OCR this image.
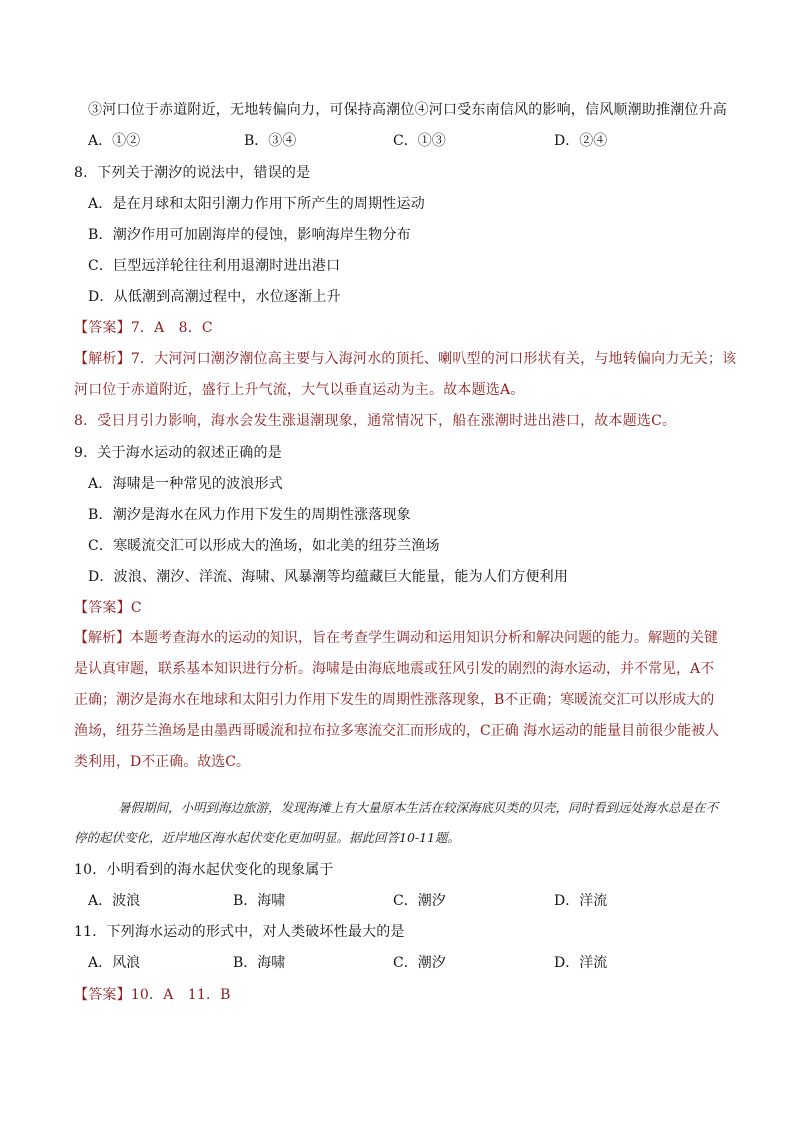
③河口位于赤道附近，无地转偏向力，可保持高潮位④河口受东南信风的影响，信风顺潮助推潮位升高
A．①②	B．③④	C．①③	D．②④
8．下列关于潮汐的说法中，错误的是
A．是在月球和太阳引潮力作用下所产生的周期性运动
B．潮汐作用可加剧海岸的侵蚀，影响海岸生物分布
C．巨型远洋轮往往利用退潮时进出港口
D．从低潮到高潮过程中，水位逐渐上升
【答案】7．A　8．C
【解析】7．大河河口潮汐潮位高主要与入海河水的顶托、喇叭型的河口形状有关，与地转偏向力无关；该
河口位于赤道附近，盛行上升气流，大气以垂直运动为主。故本题选A。
8．受日月引力影响，海水会发生涨退潮现象，通常情况下，船在涨潮时进出港口，故本题选C。
9．关于海水运动的叙述正确的是
A．海啸是一种常见的波浪形式
B．潮汐是海水在风力作用下发生的周期性涨落现象
C．寒暖流交汇可以形成大的渔场，如北美的纽芬兰渔场
D．波浪、潮汐、洋流、海啸、风暴潮等均蕴藏巨大能量，能为人们方便利用
【答案】C
【解析】本题考查海水的运动的知识，旨在考查学生调动和运用知识分析和解决问题的能力。解题的关键是认真审题，联系基本知识进行分析。海啸是由海底地震或狂风引发的剧烈的海水运动，并不常见，A不正确；潮汐是海水在地球和太阳引力作用下发生的周期性涨落现象，B不正确；寒暖流交汇可以形成大的渔场，纽芬兰渔场是由墨西哥暖流和拉布拉多寒流交汇而形成的，C正确 海水运动的能量目前很少能被人类利用，D不正确。故选C。
暑假期间，小明到海边旅游，发现海滩上有大量原本生活在较深海底贝类的贝壳，同时看到远处海水总是在不停的起伏变化，近岸地区海水起伏变化更加明显。据此回答10-11题。
10．小明看到的海水起伏变化的现象属于
A．波浪	B．海啸	C．潮汐	D．洋流
11．下列海水运动的形式中，对人类破坏性最大的是
A．风浪	B．海啸	C．潮汐	D．洋流
【答案】10．A　11．B
